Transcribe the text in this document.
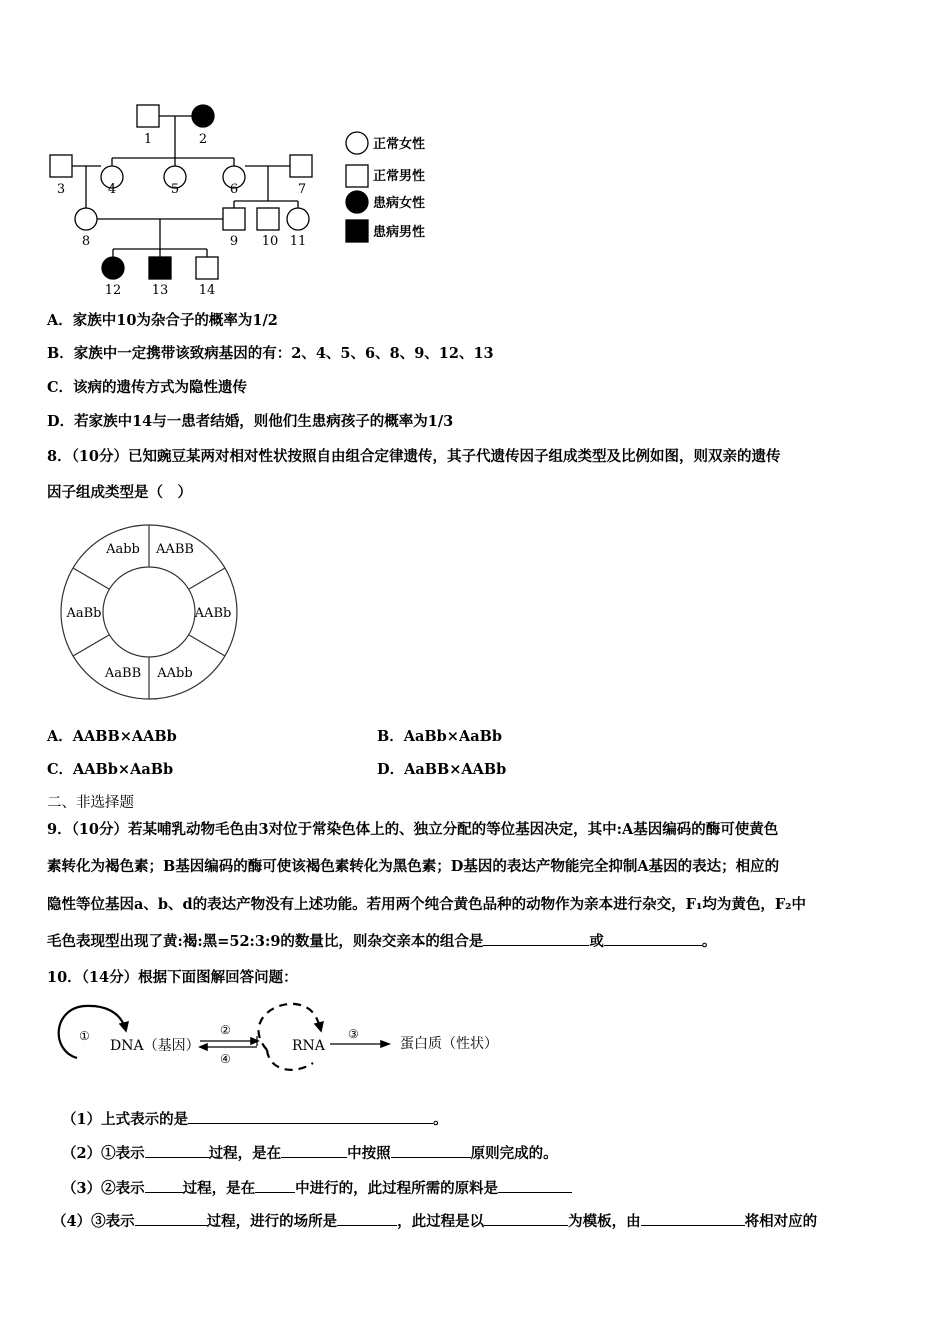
1	2
3	4	5	6	7
8	9 10 11
12 13 14
正常女性
正常男性
患病女性
患病男性
A．家族中10为杂合子的概率为1/2
B．家族中一定携带该致病基因的有：2、4、5、6、8、9、12、13
C．该病的遗传方式为隐性遗传
D．若家族中14与一患者结婚，则他们生患病孩子的概率为1/3
8．（10分）已知豌豆某两对相对性状按照自由组合定律遗传，其子代遗传因子组成类型及比例如图，则双亲的遗传
因子组成类型是（　）
Aabb AABB
AABb
AAbb
AaBB
AaBb
A．AABB×AABb	B．AaBb×AaBb
C．AABb×AaBb	D．AaBB×AABb
二、非选择题
9．（10分）若某哺乳动物毛色由3对位于常染色体上的、独立分配的等位基因决定，其中:A基因编码的酶可使黄色
素转化为褐色素；B基因编码的酶可使该褐色素转化为黑色素；D基因的表达产物能完全抑制A基因的表达；相应的
隐性等位基因a、b、d的表达产物没有上述功能。若用两个纯合黄色品种的动物作为亲本进行杂交，F₁均为黄色，F₂中
毛色表现型出现了黄:褐:黑=52:3:9的数量比，则杂交亲本的组合是	或	。
10．（14分）根据下面图解回答问题：
①
DNA（基因）
②
④
RNA
③
蛋白质（性状）
（1）上式表示的是	。
（2）①表示	过程，是在	中按照	原则完成的。
（3）②表示	过程，是在	中进行的，此过程所需的原料是
（4）③表示	过程，进行的场所是	，此过程是以	为模板，由	将相对应的
